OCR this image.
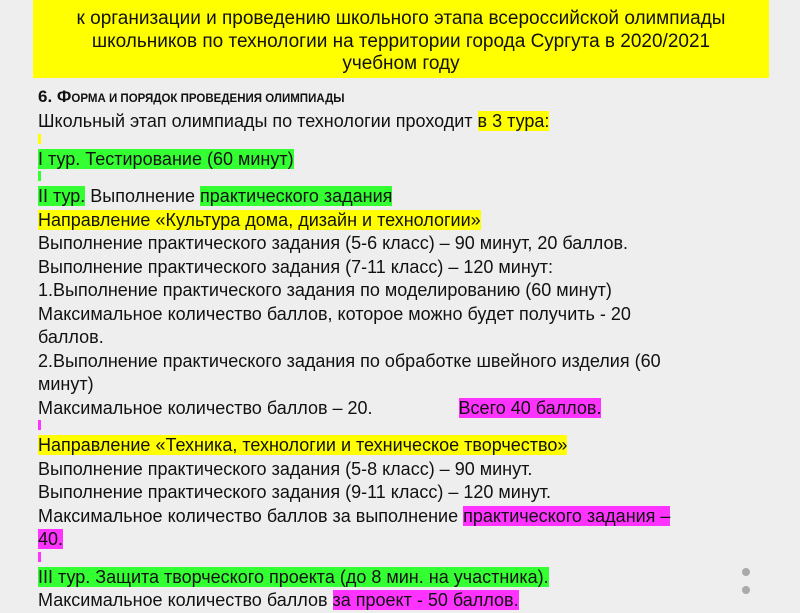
к организации и проведению школьного этапа всероссийской олимпиады
школьников по технологии на территории города Сургута в 2020/2021
учебном году
6. ФОРМА И ПОРЯДОК ПРОВЕДЕНИЯ ОЛИМПИАДЫ
Школьный этап олимпиады по технологии проходит в 3 тура:
I тур. Тестирование (60 минут)
II тур. Выполнение практического задания
Направление «Культура дома, дизайн и технологии»
Выполнение практического задания (5-6 класс) – 90 минут, 20 баллов.
Выполнение практического задания (7-11 класс) – 120 минут:
1.Выполнение практического задания по моделированию (60 минут)
Максимальное количество баллов, которое можно будет получить - 20
баллов.
2.Выполнение практического задания по обработке швейного изделия (60
минут)
Максимальное количество баллов – 20.	Всего 40 баллов.
Направление «Техника, технологии и техническое творчество»
Выполнение практического задания (5-8 класс) – 90 минут.
Выполнение практического задания (9-11 класс) – 120 минут.
Максимальное количество баллов за выполнение практического задания –
40.
III тур. Защита творческого проекта (до 8 мин. на участника).
Максимальное количество баллов за проект - 50 баллов.
